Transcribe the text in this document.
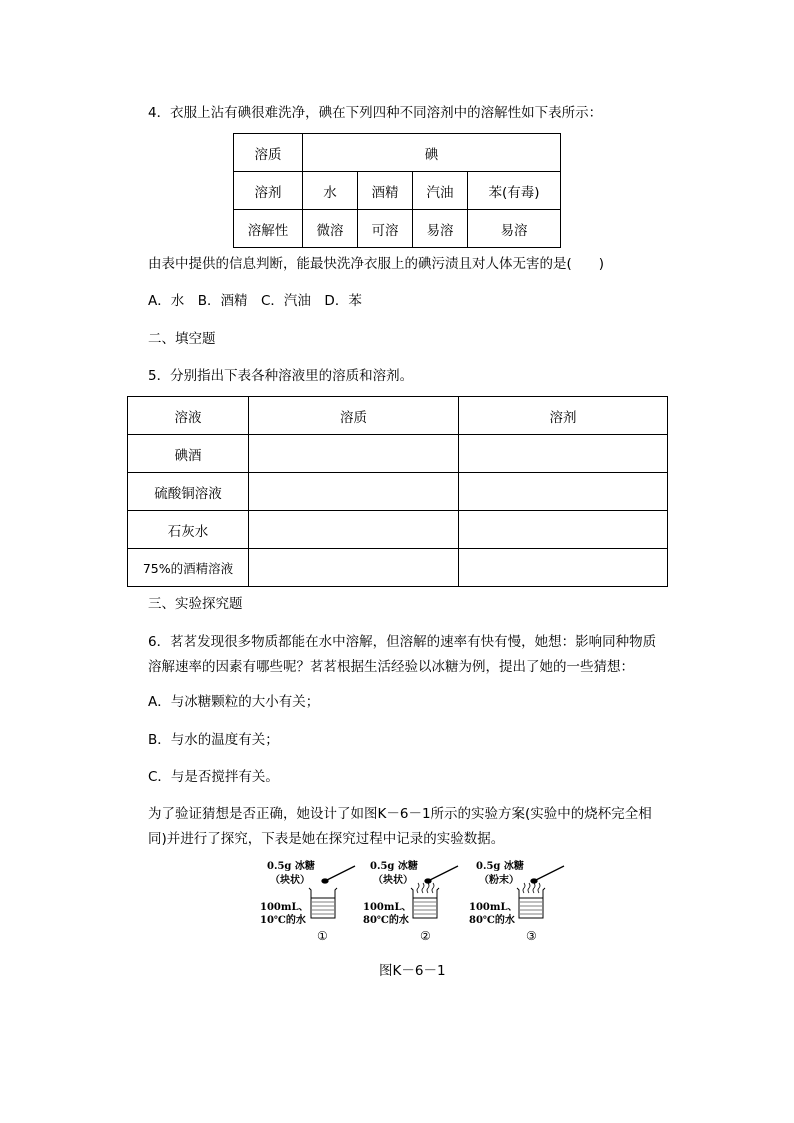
4．衣服上沾有碘很难洗净，碘在下列四种不同溶剂中的溶解性如下表所示：
溶质	碘			
溶剂	水	酒精	汽油	苯(有毒)
溶解性	微溶	可溶	易溶	易溶
由表中提供的信息判断，能最快洗净衣服上的碘污渍且对人体无害的是(　　)
A．水　B．酒精　C．汽油　D．苯
二、填空题
5．分别指出下表各种溶液里的溶质和溶剂。
溶液	溶质	溶剂
碘酒		
硫酸铜溶液		
石灰水		
75%的酒精溶液		
三、实验探究题
6．茗茗发现很多物质都能在水中溶解，但溶解的速率有快有慢，她想：影响同种物质
溶解速率的因素有哪些呢？茗茗根据生活经验以冰糖为例，提出了她的一些猜想：
A．与冰糖颗粒的大小有关；
B．与水的温度有关；
C．与是否搅拌有关。
为了验证猜想是否正确，她设计了如图K－6－1所示的实验方案(实验中的烧杯完全相
同)并进行了探究，下表是她在探究过程中记录的实验数据。
0.5g 冰糖
（块状）
100mL、
10℃的水
①
0.5g 冰糖
（块状）
100mL、
80℃的水
②
0.5g 冰糖
（粉末）
100mL、
80℃的水
③
图K－6－1
